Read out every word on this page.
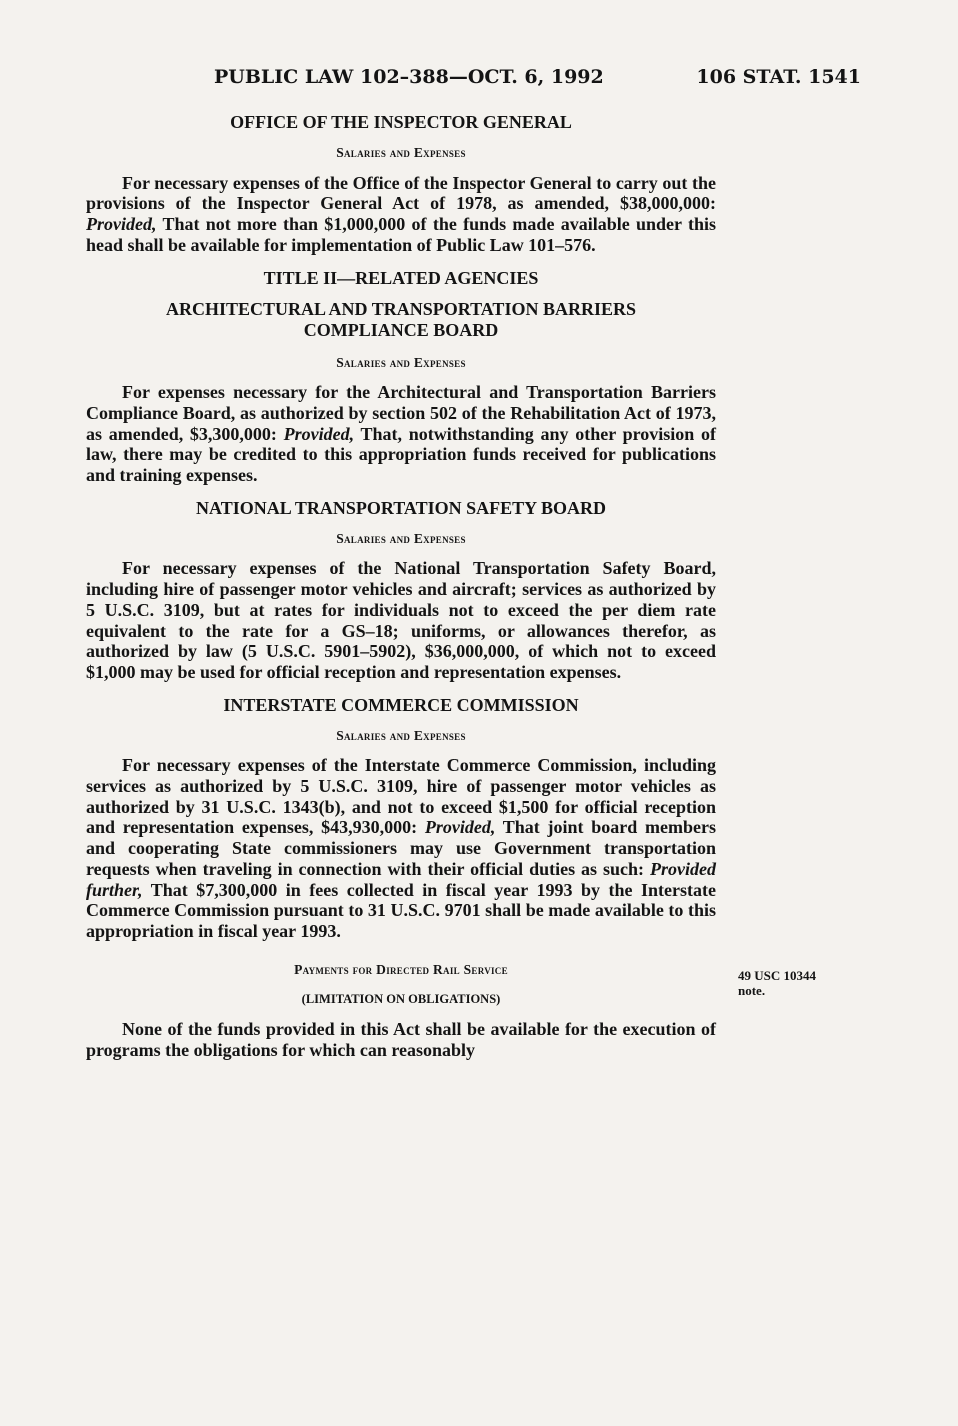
PUBLIC LAW 102–388—OCT. 6, 1992	106 STAT. 1541
OFFICE OF THE INSPECTOR GENERAL
Salaries and Expenses

For necessary expenses of the Office of the Inspector General to carry out the provisions of the Inspector General Act of 1978, as amended, $38,000,000: Provided, That not more than $1,000,000 of the funds made available under this head shall be available for implementation of Public Law 101–576.

TITLE II—RELATED AGENCIES
ARCHITECTURAL AND TRANSPORTATION BARRIERS
COMPLIANCE BOARD
Salaries and Expenses

For expenses necessary for the Architectural and Transportation Barriers Compliance Board, as authorized by section 502 of the Rehabilitation Act of 1973, as amended, $3,300,000: Provided, That, notwithstanding any other provision of law, there may be credited to this appropriation funds received for publications and training expenses.

NATIONAL TRANSPORTATION SAFETY BOARD
Salaries and Expenses

For necessary expenses of the National Transportation Safety Board, including hire of passenger motor vehicles and aircraft; services as authorized by 5 U.S.C. 3109, but at rates for individuals not to exceed the per diem rate equivalent to the rate for a GS–18; uniforms, or allowances therefor, as authorized by law (5 U.S.C. 5901–5902), $36,000,000, of which not to exceed $1,000 may be used for official reception and representation expenses.

INTERSTATE COMMERCE COMMISSION
Salaries and Expenses

For necessary expenses of the Interstate Commerce Commission, including services as authorized by 5 U.S.C. 3109, hire of passenger motor vehicles as authorized by 31 U.S.C. 1343(b), and not to exceed $1,500 for official reception and representation expenses, $43,930,000: Provided, That joint board members and cooperating State commissioners may use Government transportation requests when traveling in connection with their official duties as such: Provided further, That $7,300,000 in fees collected in fiscal year 1993 by the Interstate Commerce Commission pursuant to 31 U.S.C. 9701 shall be made available to this appropriation in fiscal year 1993.

Payments for Directed Rail Service
(LIMITATION ON OBLIGATIONS)

None of the funds provided in this Act shall be available for the execution of programs the obligations for which can reasonably

49 USC 10344
note.
